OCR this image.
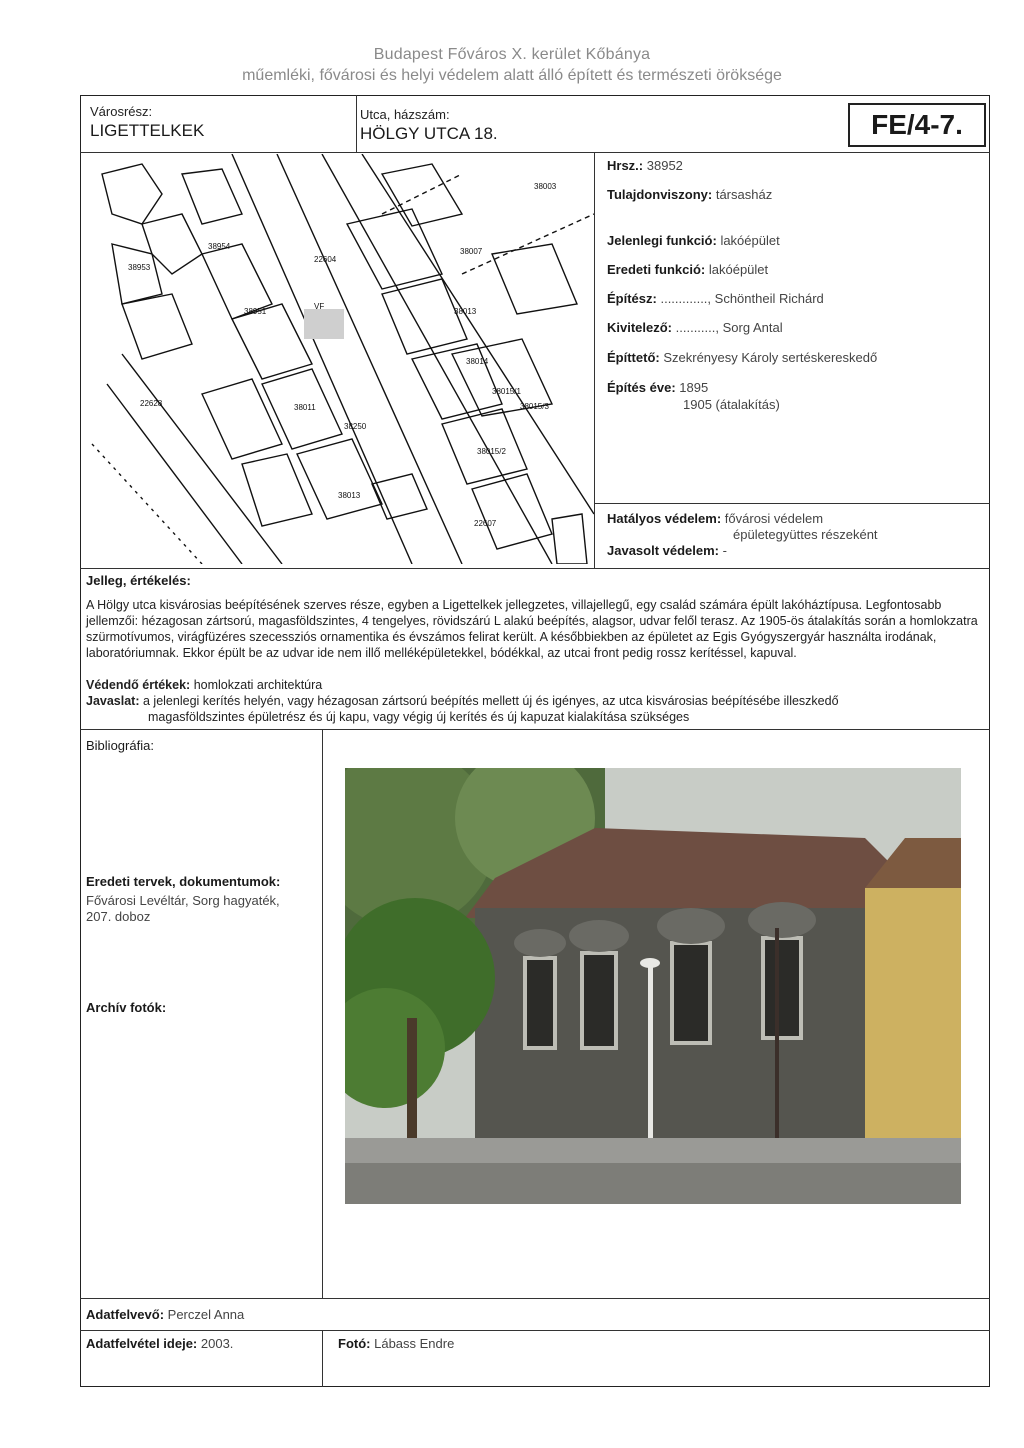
Budapest Főváros X. kerület Kőbánya
műemléki, fővárosi és helyi védelem alatt álló épített és természeti öröksége
Városrész:
LIGETTELKEK
Utca, házszám:
HÖLGY UTCA 18.	FE/4-7.
38003
38007
22604
38013
38014
38015/1
38015/3
38015/2
38011
38250
22628
22607
38951
38954
38953
VF
38013
Hrsz.: 38952
Tulajdonviszony: társasház
Jelenlegi funkció: lakóépület
Eredeti funkció: lakóépület
Építész: ............., Schöntheil Richárd
Kivitelező: ..........., Sorg Antal
Építtető: Szekrényesy Károly sertéskereskedő
Építés éve: 1895
1905 (átalakítás)
Hatályos védelem: fővárosi védelem
épületegyüttes részeként
Javasolt védelem: -
Jelleg, értékelés:
A Hölgy utca kisvárosias beépítésének szerves része, egyben a Ligettelkek jellegzetes, villajellegű, egy család számára épült lakóháztípusa. Legfontosabb jellemzői: hézagosan zártsorú, magasföldszintes, 4 tengelyes, rövidszárú L alakú beépítés, alagsor, udvar felől terasz. Az 1905-ös átalakítás során a homlokzatra szürmotívumos, virágfüzéres szecessziós ornamentika és évszámos felirat került. A későbbiekben az épületet az Egis Gyógyszergyár használta irodának, laboratóriumnak. Ekkor épült be az udvar ide nem illő melléképületekkel, bódékkal, az utcai front pedig rossz kerítéssel, kapuval.
Védendő értékek: homlokzati architektúra
Javaslat: a jelenlegi kerítés helyén, vagy hézagosan zártsorú beépítés mellett új és igényes, az utca kisvárosias beépítésébe illeszkedő
magasföldszintes épületrész és új kapu, vagy végig új kerítés és új kapuzat kialakítása szükséges
Bibliográfia:
Eredeti tervek, dokumentumok:
Fővárosi Levéltár, Sorg hagyaték,
207. doboz
Archív fotók:
Adatfelvevő: Perczel Anna
Adatfelvétel ideje: 2003.	Fotó: Lábass Endre
